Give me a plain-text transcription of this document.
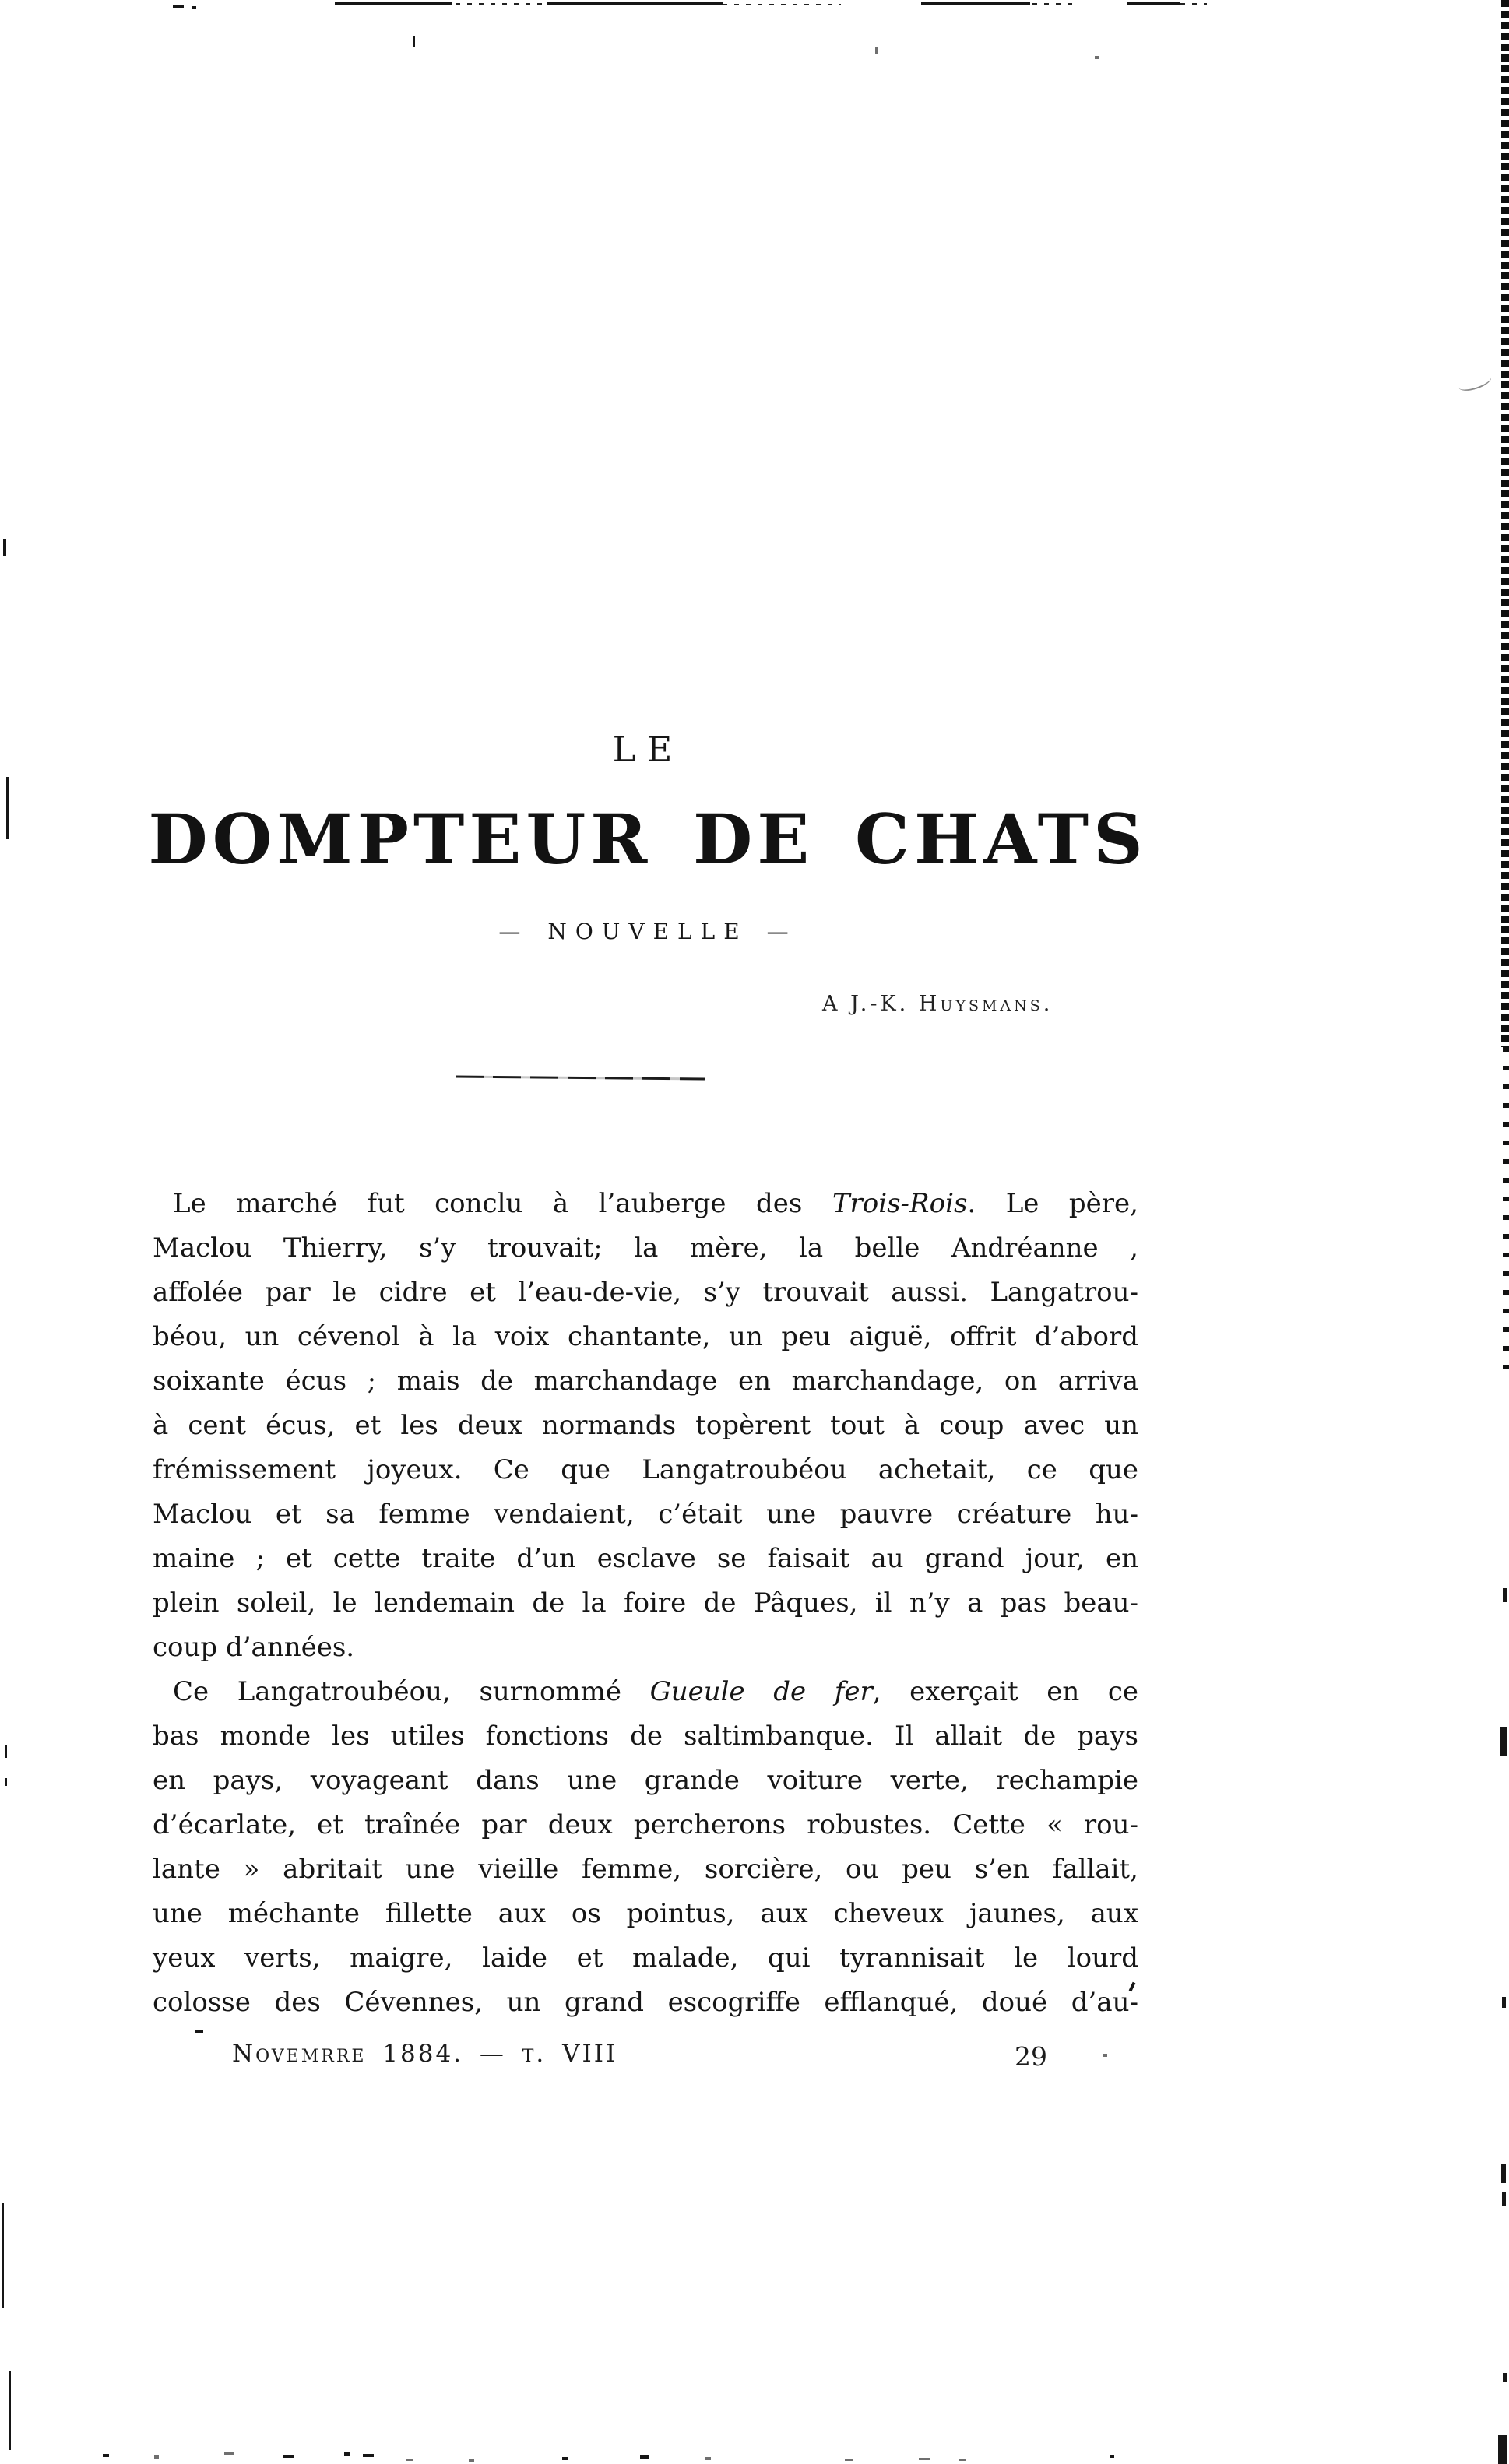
LE
DOMPTEUR DE CHATS
— NOUVELLE —
A J.-K. Huysmans.
Le marché fut conclu à l’auberge des Trois-Rois. Le père,
Maclou Thierry, s’y trouvait; la mère, la belle Andréanne ,
affolée par le cidre et l’eau-de-vie, s’y trouvait aussi. Langatrou-
béou, un cévenol à la voix chantante, un peu aiguë, offrit d’abord
soixante écus ; mais de marchandage en marchandage, on arriva
à cent écus, et les deux normands topèrent tout à coup avec un
frémissement joyeux. Ce que Langatroubéou achetait, ce que
Maclou et sa femme vendaient, c’était une pauvre créature hu-
maine ; et cette traite d’un esclave se faisait au grand jour, en
plein soleil, le lendemain de la foire de Pâques, il n’y a pas beau-
coup d’années.
Ce Langatroubéou, surnommé Gueule de fer, exerçait en ce
bas monde les utiles fonctions de saltimbanque. Il allait de pays
en pays, voyageant dans une grande voiture verte, rechampie
d’écarlate, et traînée par deux percherons robustes. Cette « rou-
lante » abritait une vieille femme, sorcière, ou peu s’en fallait,
une méchante fillette aux os pointus, aux cheveux jaunes, aux
yeux verts, maigre, laide et malade, qui tyrannisait le lourd
colosse des Cévennes, un grand escogriffe efflanqué, doué d’au-
Novemrre 1884. — t. VIII	29
